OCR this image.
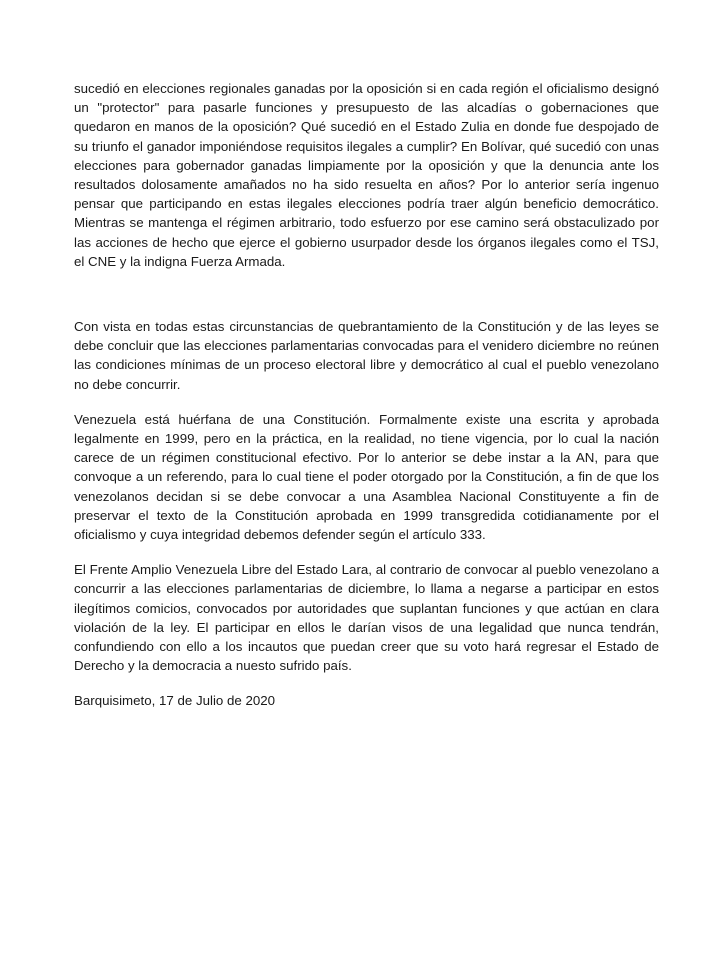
sucedió en elecciones regionales ganadas por la oposición si en cada región el oficialismo designó un "protector" para pasarle funciones y presupuesto de las alcadías o gobernaciones que quedaron en manos de la oposición? Qué sucedió en el Estado Zulia en donde fue despojado de su triunfo el ganador imponiéndose requisitos ilegales a cumplir? En Bolívar, qué sucedió con unas elecciones para gobernador ganadas limpiamente por la oposición y que la denuncia ante los resultados dolosamente amañados no ha sido resuelta en años? Por lo anterior sería ingenuo pensar que participando en estas ilegales elecciones podría traer algún beneficio democrático. Mientras se mantenga el régimen arbitrario, todo esfuerzo por ese camino será obstaculizado por las acciones de hecho que ejerce el gobierno usurpador desde los órganos ilegales como el TSJ, el CNE y la indigna Fuerza Armada.

Con vista en todas estas circunstancias de quebrantamiento de la Constitución y de las leyes se debe concluir que las elecciones parlamentarias convocadas para el venidero diciembre no reúnen las condiciones mínimas de un proceso electoral libre y democrático al cual el pueblo venezolano no debe concurrir.

Venezuela está huérfana de una Constitución. Formalmente existe una escrita y aprobada legalmente en 1999, pero en la práctica, en la realidad, no tiene vigencia, por lo cual la nación carece de un régimen constitucional efectivo. Por lo anterior se debe instar a la AN, para que convoque a un referendo, para lo cual tiene el poder otorgado por la Constitución, a fin de que los venezolanos decidan si se debe convocar a una Asamblea Nacional Constituyente a fin de preservar el texto de la Constitución aprobada en 1999 transgredida cotidianamente por el oficialismo y cuya integridad debemos defender según el artículo 333.

El Frente Amplio Venezuela Libre del Estado Lara, al contrario de convocar al pueblo venezolano a concurrir a las elecciones parlamentarias de diciembre, lo llama a negarse a participar en estos ilegítimos comicios, convocados por autoridades que suplantan funciones y que actúan en clara violación de la ley. El participar en ellos le darían visos de una legalidad que nunca tendrán, confundiendo con ello a los incautos que puedan creer que su voto hará regresar el Estado de Derecho y la democracia a nuesto sufrido país.

Barquisimeto, 17 de Julio de 2020
